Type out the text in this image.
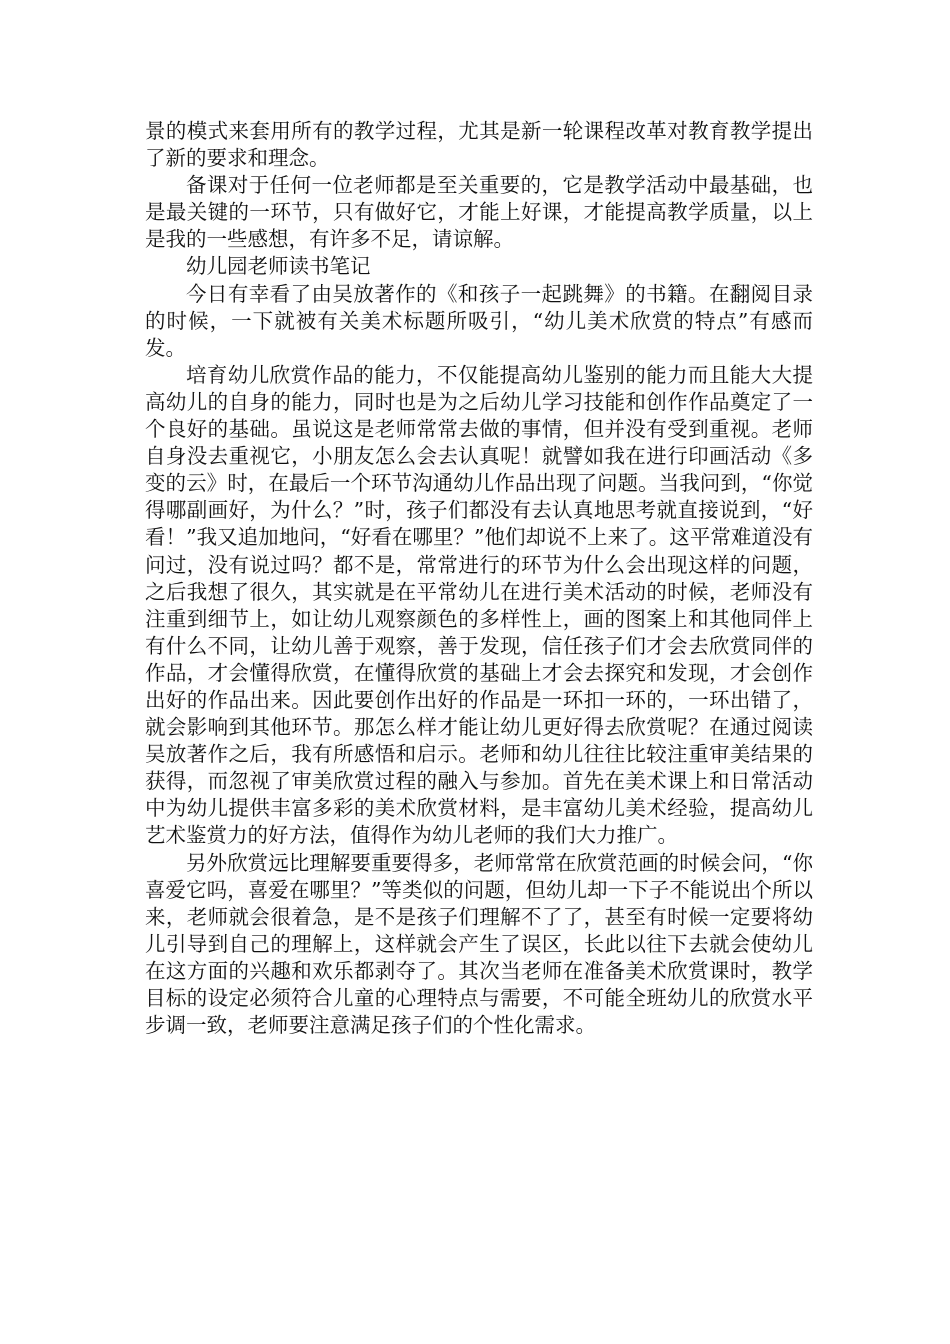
景的模式来套用所有的教学过程，尤其是新一轮课程改革对教育教学提出了新的要求和理念。

备课对于任何一位老师都是至关重要的，它是教学活动中最基础，也是最关键的一环节，只有做好它，才能上好课，才能提高教学质量，以上是我的一些感想，有许多不足，请谅解。

幼儿园老师读书笔记

今日有幸看了由吴放著作的《和孩子一起跳舞》的书籍。在翻阅目录的时候，一下就被有关美术标题所吸引，“幼儿美术欣赏的特点”有感而发。

培育幼儿欣赏作品的能力，不仅能提高幼儿鉴别的能力而且能大大提高幼儿的自身的能力，同时也是为之后幼儿学习技能和创作作品奠定了一个良好的基础。虽说这是老师常常去做的事情，但并没有受到重视。老师自身没去重视它，小朋友怎么会去认真呢！就譬如我在进行印画活动《多变的云》时，在最后一个环节沟通幼儿作品出现了问题。当我问到，“你觉得哪副画好，为什么？”时，孩子们都没有去认真地思考就直接说到，“好看！”我又追加地问，“好看在哪里？”他们却说不上来了。这平常难道没有问过，没有说过吗？都不是，常常进行的环节为什么会出现这样的问题，之后我想了很久，其实就是在平常幼儿在进行美术活动的时候，老师没有注重到细节上，如让幼儿观察颜色的多样性上，画的图案上和其他同伴上有什么不同，让幼儿善于观察，善于发现，信任孩子们才会去欣赏同伴的作品，才会懂得欣赏，在懂得欣赏的基础上才会去探究和发现，才会创作出好的作品出来。因此要创作出好的作品是一环扣一环的，一环出错了，就会影响到其他环节。那怎么样才能让幼儿更好得去欣赏呢？在通过阅读吴放著作之后，我有所感悟和启示。老师和幼儿往往比较注重审美结果的获得，而忽视了审美欣赏过程的融入与参加。首先在美术课上和日常活动中为幼儿提供丰富多彩的美术欣赏材料，是丰富幼儿美术经验，提高幼儿艺术鉴赏力的好方法，值得作为幼儿老师的我们大力推广。

另外欣赏远比理解要重要得多，老师常常在欣赏范画的时候会问，“你喜爱它吗，喜爱在哪里？”等类似的问题，但幼儿却一下子不能说出个所以来，老师就会很着急，是不是孩子们理解不了了，甚至有时候一定要将幼儿引导到自己的理解上，这样就会产生了误区，长此以往下去就会使幼儿在这方面的兴趣和欢乐都剥夺了。其次当老师在准备美术欣赏课时，教学目标的设定必须符合儿童的心理特点与需要，不可能全班幼儿的欣赏水平步调一致，老师要注意满足孩子们的个性化需求。
